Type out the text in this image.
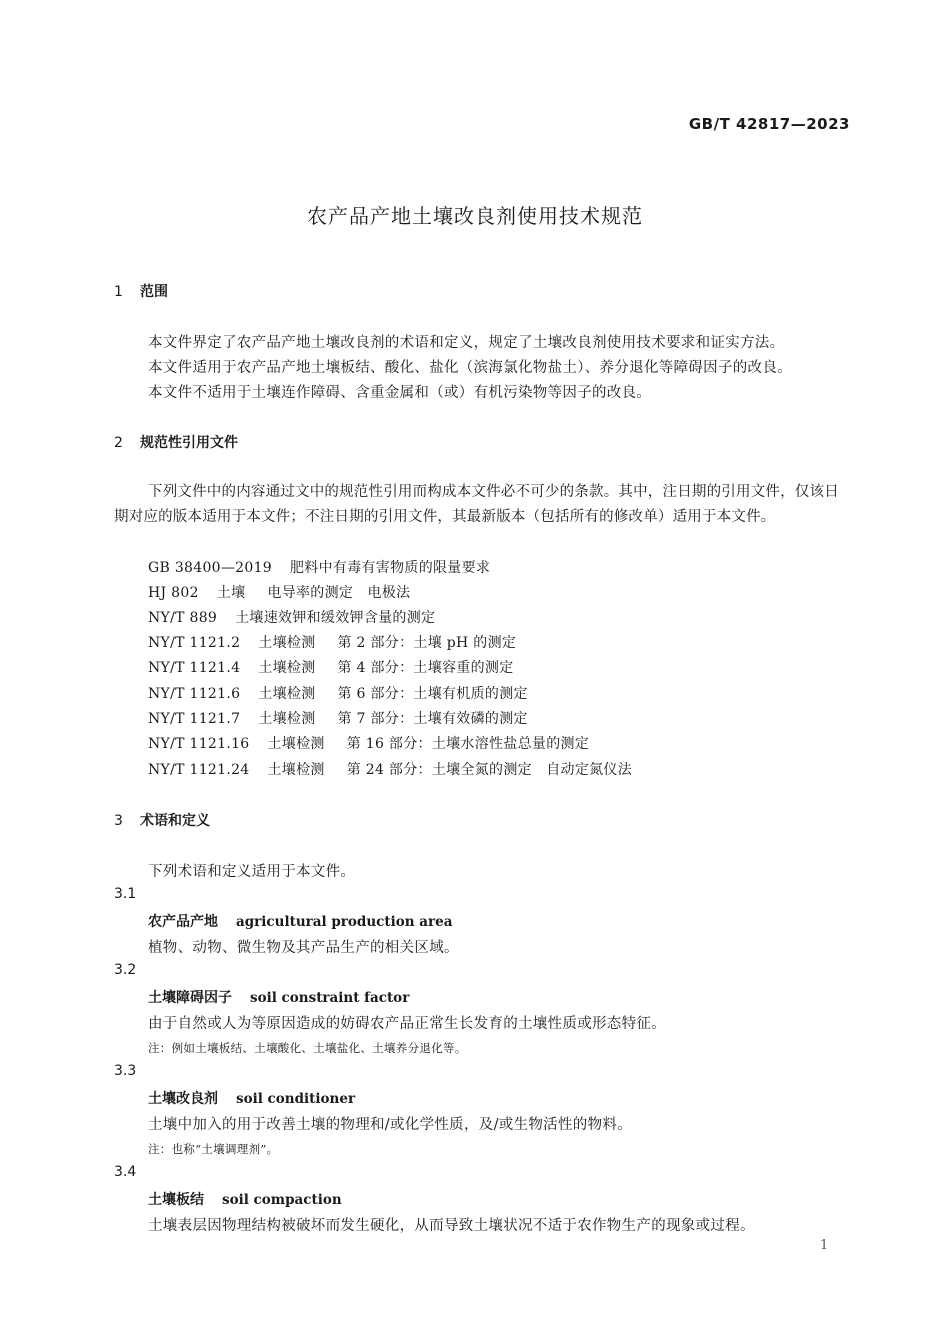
GB/T 42817—2023
农产品产地土壤改良剂使用技术规范
1 范围
本文件界定了农产品产地土壤改良剂的术语和定义，规定了土壤改良剂使用技术要求和证实方法。
本文件适用于农产品产地土壤板结、酸化、盐化（滨海氯化物盐土）、养分退化等障碍因子的改良。
本文件不适用于土壤连作障碍、含重金属和（或）有机污染物等因子的改良。
2 规范性引用文件
下列文件中的内容通过文中的规范性引用而构成本文件必不可少的条款。其中，注日期的引用文件，仅该日期对应的版本适用于本文件；不注日期的引用文件，其最新版本（包括所有的修改单）适用于本文件。
GB 38400—2019 肥料中有毒有害物质的限量要求
HJ 802 土壤 电导率的测定　电极法
NY/T 889 土壤速效钾和缓效钾含量的测定
NY/T 1121.2 土壤检测 第 2 部分：土壤 pH 的测定
NY/T 1121.4 土壤检测 第 4 部分：土壤容重的测定
NY/T 1121.6 土壤检测 第 6 部分：土壤有机质的测定
NY/T 1121.7 土壤检测 第 7 部分：土壤有效磷的测定
NY/T 1121.16 土壤检测 第 16 部分：土壤水溶性盐总量的测定
NY/T 1121.24 土壤检测 第 24 部分：土壤全氮的测定　自动定氮仪法
3 术语和定义
下列术语和定义适用于本文件。
3.1
农产品产地 agricultural production area
植物、动物、微生物及其产品生产的相关区域。
3.2
土壤障碍因子 soil constraint factor
由于自然或人为等原因造成的妨碍农产品正常生长发育的土壤性质或形态特征。
注：例如土壤板结、土壤酸化、土壤盐化、土壤养分退化等。
3.3
土壤改良剂 soil conditioner
土壤中加入的用于改善土壤的物理和/或化学性质，及/或生物活性的物料。
注：也称“土壤调理剂”。
3.4
土壤板结 soil compaction
土壤表层因物理结构被破坏而发生硬化，从而导致土壤状况不适于农作物生产的现象或过程。
1
